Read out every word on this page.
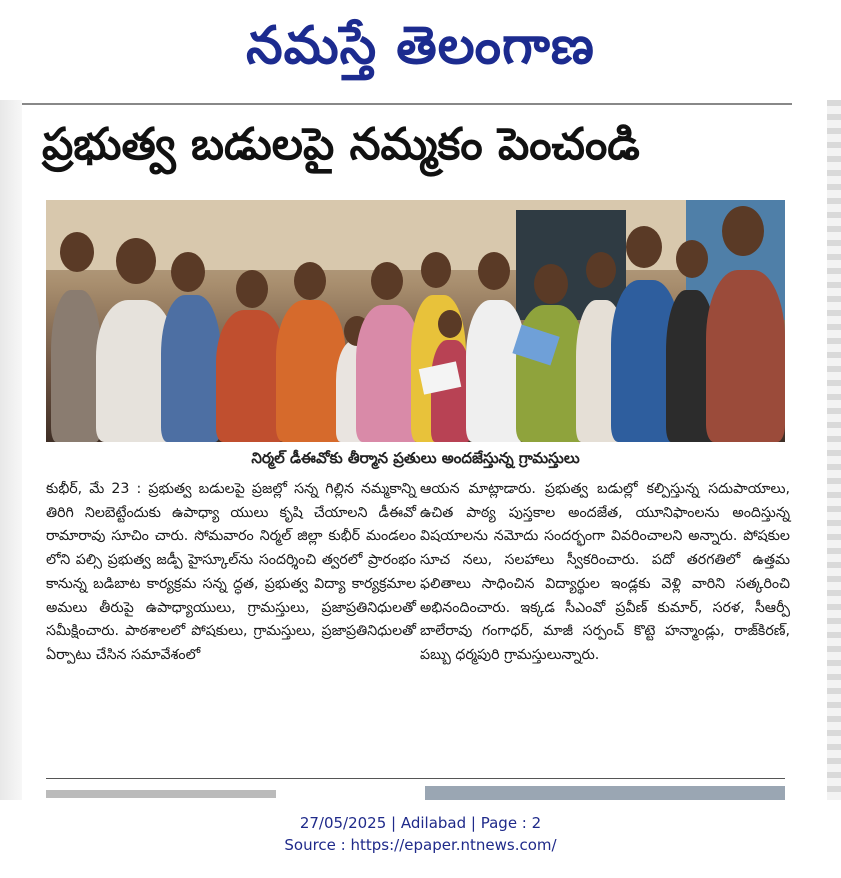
నమస్తే తెలంగాణ
ప్రభుత్వ బడులపై నమ్మకం పెంచండి
నిర్మల్ డీఈవోకు తీర్మాన ప్రతులు అందజేస్తున్న గ్రామస్తులు

కుభీర్, మే 23 : ప్రభుత్వ బడులపై ప్రజల్లో సన్న గిల్లిన నమ్మకాన్ని తిరిగి నిలబెట్టేందుకు ఉపాధ్యా యులు కృషి చేయాలని డీఈవో రామారావు సూచిం చారు. సోమవారం నిర్మల్ జిల్లా కుభీర్ మండలం లోని పల్సి ప్రభుత్వ జడ్పీ హైస్కూల్‌ను సందర్శించి త్వరలో ప్రారంభం కానున్న బడిబాట కార్యక్రమ సన్న ద్ధత, ప్రభుత్వ విద్యా కార్యక్రమాల అమలు తీరుపై ఉపాధ్యాయులు, గ్రామస్తులు, ప్రజాప్రతినిధులతో సమీక్షించారు. పాఠశాలలో పోషకులు, గ్రామస్తులు, ప్రజాప్రతినిధులతో ఏర్పాటు చేసిన సమావేశంలో

ఆయన మాట్లాడారు. ప్రభుత్వ బడుల్లో కల్పిస్తున్న సదుపాయాలు, ఉచిత పాఠ్య పుస్తకాల అందజేత, యూనిఫాంలను అందిస్తున్న విషయాలను నమోదు సందర్భంగా వివరించాలని అన్నారు. పోషకుల సూచ నలు, సలహాలు స్వీకరించారు. పదో తరగతిలో ఉత్తమ ఫలితాలు సాధించిన విద్యార్థుల ఇండ్లకు వెళ్లి వారిని సత్కరించి అభినందించారు. ఇక్కడ సీఎంవో ప్రవీణ్ కుమార్, సరళ, సీఆర్పీ బాలేరావు గంగాధర్, మాజీ సర్పంచ్ కొట్టె హన్మాండ్లు, రాజ్‌కిరణ్, పబ్బు ధర్మపురి గ్రామస్తులున్నారు.

27/05/2025 | Adilabad | Page : 2
Source : https://epaper.ntnews.com/
